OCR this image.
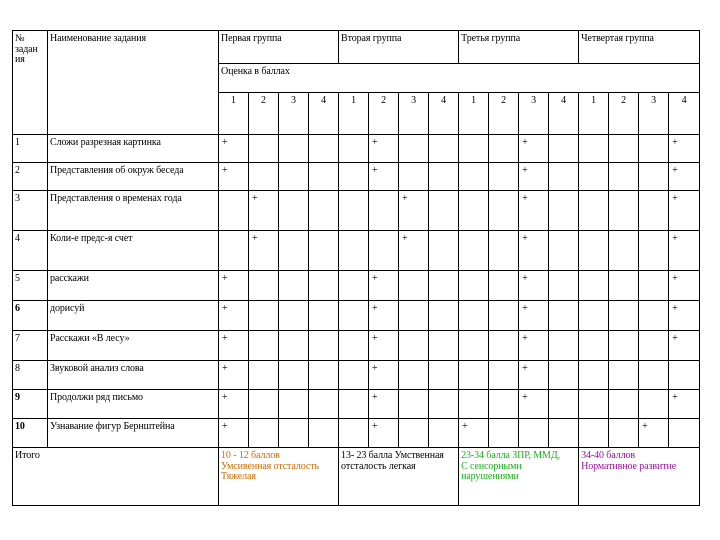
№ задан ия	Наименование задания	Первая группа				Вторая группа				Третья группа				Четвертая группа			
		Оценка в баллах															
		1	2	3	4	1	2	3	4	1	2	3	4	1	2	3	4
1	Сложи разрезная картинка	+					+					+					+
2	Представления об окруж беседа	+					+					+					+
3	Представления о временах года		+					+				+					+
4	Коли-е предс-я счет		+					+				+					+
5	расскажи	+					+					+					+
6	дорисуй	+					+					+					+
7	Расскажи «В лесу»	+					+					+					+
8	Звуковой анализ слова	+					+					+					
9	Продолжи ряд письмо	+					+					+					+
10	Узнавание фигур Бернштейна	+					+			+						+	
Итого		10 - 12 баллов Умсивенная отсталость Тяжелая				13- 23 балла Умственная отсталость легкая				23-34 балла ЗПР, ММД, С сенсорными нарушениями				34-40 баллов Нормативное развитие			
